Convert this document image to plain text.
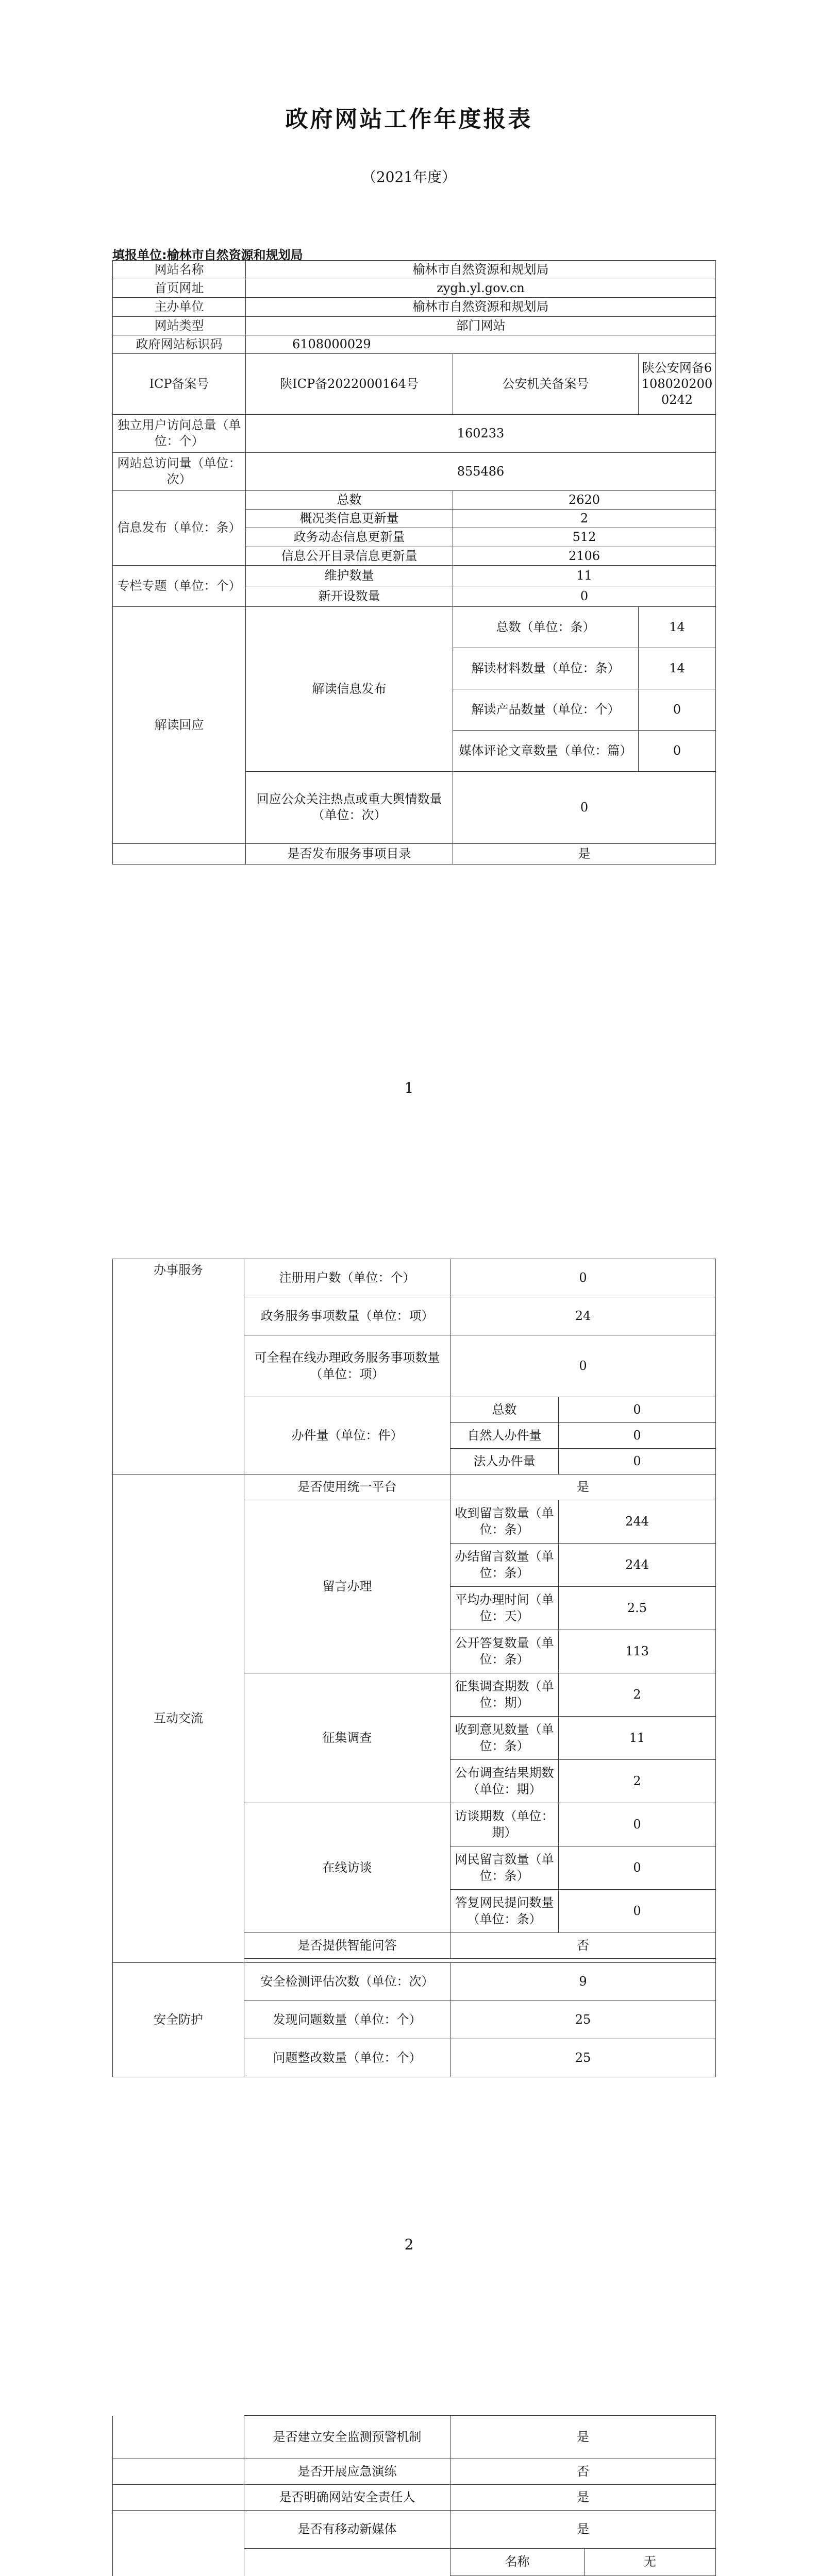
政府网站工作年度报表
（2021年度）
填报单位:榆林市自然资源和规划局
网站名称	榆林市自然资源和规划局		
首页网址	zygh.yl.gov.cn		
主办单位	榆林市自然资源和规划局		
网站类型	部门网站		
政府网站标识码	6108000029		
ICP备案号	陕ICP备2022000164号	公安机关备案号	陕公安网备61080202000242
独立用户访问总量（单位：个）	160233		
网站总访问量（单位：次）	855486		
信息发布（单位：条）	总数	2620	
	概况类信息更新量	2	
	政务动态信息更新量	512	
	信息公开目录信息更新量	2106	
专栏专题（单位：个）	维护数量	11	
	新开设数量	0	
解读回应	解读信息发布	总数（单位：条）	14
		解读材料数量（单位：条）	14
		解读产品数量（单位：个）	0
		媒体评论文章数量（单位：篇）	0
	回应公众关注热点或重大舆情数量（单位：次）	0	
	是否发布服务事项目录	是	
1
办事服务	注册用户数（单位：个）	0	
	政务服务事项数量（单位：项）	24	
	可全程在线办理政务服务事项数量（单位：项）	0	
	办件量（单位：件）	总数	0
		自然人办件量	0
		法人办件量	0
互动交流	是否使用统一平台	是	
	留言办理	收到留言数量（单位：条）	244
		办结留言数量（单位：条）	244
		平均办理时间（单位：天）	2.5
		公开答复数量（单位：条）	113
	征集调查	征集调查期数（单位：期）	2
		收到意见数量（单位：条）	11
		公布调查结果期数（单位：期）	2
	在线访谈	访谈期数（单位：期）	0
		网民留言数量（单位：条）	0
		答复网民提问数量（单位：条）	0
	是否提供智能问答	否	

安全防护	安全检测评估次数（单位：次）	9	
	发现问题数量（单位：个）	25	
	问题整改数量（单位：个）	25	
2
	是否建立安全监测预警机制	是	
	是否开展应急演练	否	
	是否明确网站安全责任人	是	
	是否有移动新媒体	是	
	名称	无
